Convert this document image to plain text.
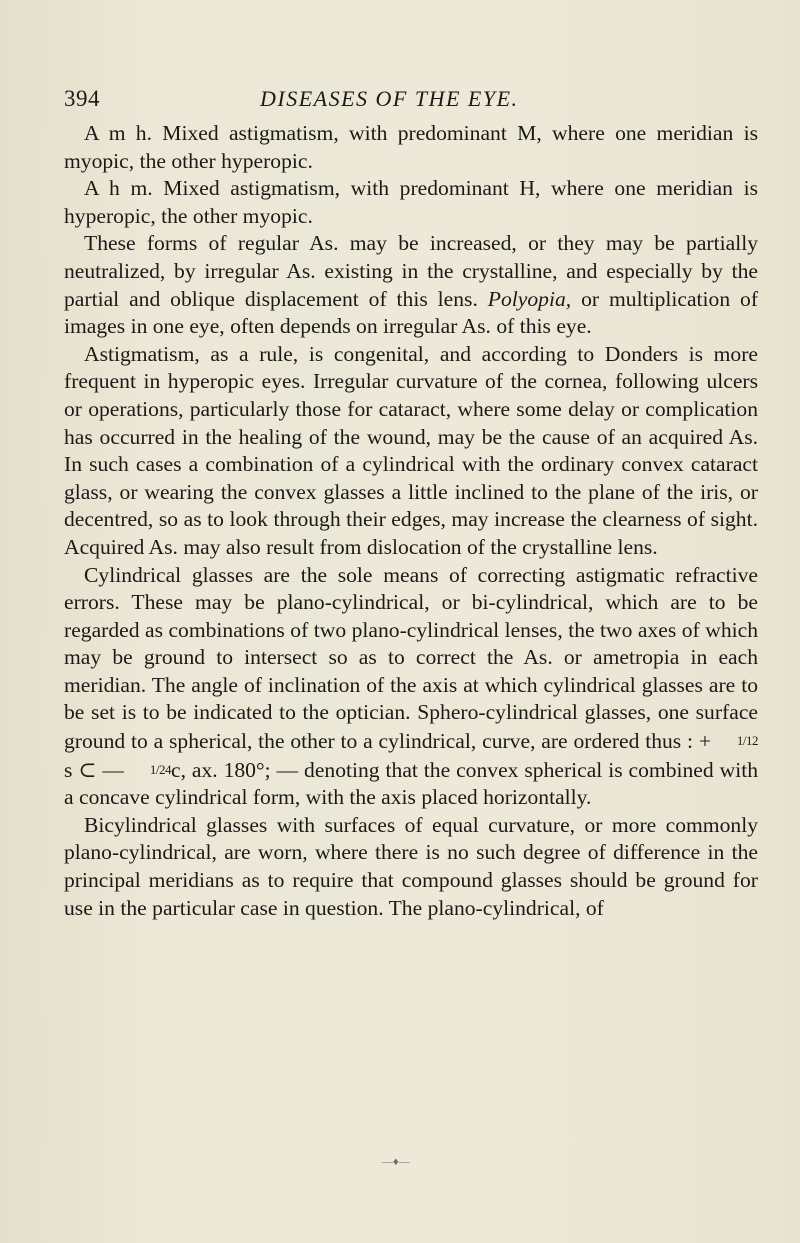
394	DISEASES OF THE EYE.

A m h. Mixed astigmatism, with predominant M, where one meridian is myopic, the other hyperopic.

A h m. Mixed astigmatism, with predominant H, where one meridian is hyperopic, the other myopic.

These forms of regular As. may be increased, or they may be partially neutralized, by irregular As. existing in the crystalline, and especially by the partial and oblique displacement of this lens. Polyopia, or multiplication of images in one eye, often depends on irregular As. of this eye.

Astigmatism, as a rule, is congenital, and according to Donders is more frequent in hyperopic eyes. Irregular curvature of the cornea, following ulcers or operations, particularly those for cataract, where some delay or complication has occurred in the healing of the wound, may be the cause of an acquired As. In such cases a combination of a cylindrical with the ordinary convex cataract glass, or wearing the convex glasses a little inclined to the plane of the iris, or decentred, so as to look through their edges, may increase the clearness of sight. Acquired As. may also result from dislocation of the crystalline lens.

Cylindrical glasses are the sole means of correcting astigmatic refractive errors. These may be plano-cylindrical, or bi-cylindrical, which are to be regarded as combinations of two plano-cylindrical lenses, the two axes of which may be ground to intersect so as to correct the As. or ametropia in each meridian. The angle of inclination of the axis at which cylindrical glasses are to be set is to be indicated to the optician. Sphero-cylindrical glasses, one surface ground to a spherical, the other to a cylindrical, curve, are ordered thus : + 1/12 s ⊂ — 1/24c, ax. 180°; — denoting that the convex spherical is combined with a concave cylindrical form, with the axis placed horizontally.

Bicylindrical glasses with surfaces of equal curvature, or more commonly plano-cylindrical, are worn, where there is no such degree of difference in the principal meridians as to require that compound glasses should be ground for use in the particular case in question. The plano-cylindrical, of

—♦—
